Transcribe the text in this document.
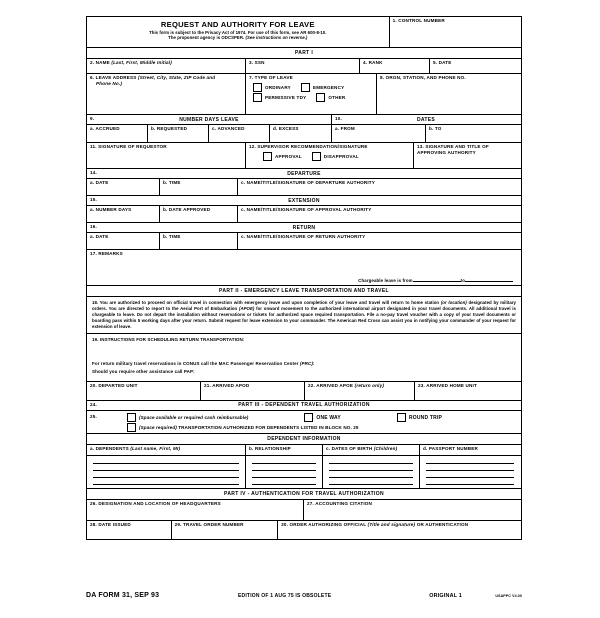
REQUEST AND AUTHORITY FOR LEAVE
This form is subject to the Privacy Act of 1974. For use of this form, see AR 600-8-10.
The proponent agency is ODCSPER. (See instructions on reverse.)
1. CONTROL NUMBER
PART I
2. NAME (Last, First, Middle Initial)	3. SSN	4. RANK	5. DATE
6. LEAVE ADDRESS (Street, City, State, ZIP Code and
Phone No.)
7. TYPE OF LEAVE
ORDINARY	EMERGENCY
PERMISSIVE TDY	OTHER
8. ORGN, STATION, AND PHONE NO.
9.	NUMBER DAYS LEAVE	10.	DATES
a. ACCRUED	b. REQUESTED	c. ADVANCED	d. EXCESS	a. FROM	b. TO
11. SIGNATURE OF REQUESTOR	12. SUPERVISOR RECOMMENDATION/SIGNATURE
APPROVAL	DISAPPROVAL
13. SIGNATURE AND TITLE OF
APPROVING AUTHORITY
14.	DEPARTURE
a. DATE	b. TIME	c. NAME/TITLE/SIGNATURE OF DEPARTURE AUTHORITY
15.	EXTENSION
a. NUMBER DAYS	b. DATE APPROVED	c. NAME/TITLE/SIGNATURE OF APPROVAL AUTHORITY
16.	RETURN
a. DATE	b. TIME	c. NAME/TITLE/SIGNATURE OF RETURN AUTHORITY
17. REMARKS
Chargeable leave is from	to
PART II - EMERGENCY LEAVE TRANSPORTATION AND TRAVEL
18. You are authorized to proceed on official travel in connection with emergency leave and upon completion of your leave and travel will return to home station (or location) designated by military orders. You are directed to report to the Aerial Port of Embarkation (APOE) for onward movement to the authorized international airport designated in your travel documents. All additional travel is chargeable to leave. Do not depart the installation without reservations or tickets for authorized space required transportation. File a no-pay travel voucher with a copy of your travel documents or boarding pass within 5 working days after your return. Submit request for leave extension to your commander. The American Red Cross can assist you in notifying your commander of your request for extension of leave.
19. INSTRUCTIONS FOR SCHEDULING RETURN TRANSPORTATION:
For return military travel reservations in CONUS call the MAC Passenger Reservation Center (PRC):
Should you require other assistance call PAP:
20. DEPARTED UNIT	21. ARRIVED APOD	22. ARRIVED APOE (return only)	23. ARRIVED HOME UNIT
24.	PART III - DEPENDENT TRAVEL AUTHORIZATION
25.	(Space available or required cash reimbursable)	ONE WAY	ROUND TRIP
(Space required) TRANSPORTATION AUTHORIZED FOR DEPENDENTS LISTED IN BLOCK NO. 25
DEPENDENT INFORMATION
a. DEPENDENTS (Last name, First, MI)	b. RELATIONSHIP	c. DATES OF BIRTH (Children)	d. PASSPORT NUMBER
PART IV - AUTHENTICATION FOR TRAVEL AUTHORIZATION
26. DESIGNATION AND LOCATION OF HEADQUARTERS	27. ACCOUNTING CITATION
28. DATE ISSUED	29. TRAVEL ORDER NUMBER	30. ORDER AUTHORIZING OFFICIAL (Title and signature) OR AUTHENTICATION
DA FORM 31, SEP 93	EDITION OF 1 AUG 75 IS OBSOLETE	ORIGINAL 1	USAPPC V4.00
